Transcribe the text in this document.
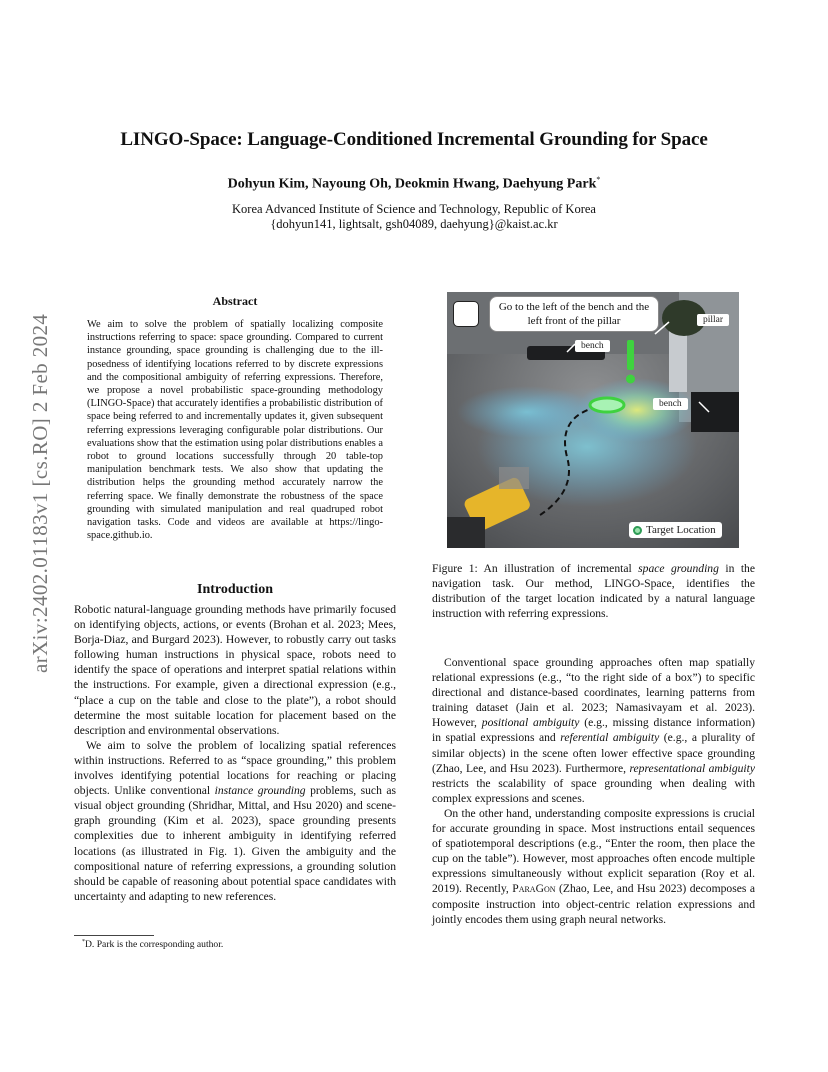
arXiv:2402.01183v1 [cs.RO] 2 Feb 2024
LINGO-Space: Language-Conditioned Incremental Grounding for Space
Dohyun Kim, Nayoung Oh, Deokmin Hwang, Daehyung Park*
Korea Advanced Institute of Science and Technology, Republic of Korea
{dohyun141, lightsalt, gsh04089, daehyung}@kaist.ac.kr
Abstract
We aim to solve the problem of spatially localizing composite instructions referring to space: space grounding. Compared to current instance grounding, space grounding is challenging due to the ill-posedness of identifying locations referred to by discrete expressions and the compositional ambiguity of referring expressions. Therefore, we propose a novel probabilistic space-grounding methodology (LINGO-Space) that accurately identifies a probabilistic distribution of space being referred to and incrementally updates it, given subsequent referring expressions leveraging configurable polar distributions. Our evaluations show that the estimation using polar distributions enables a robot to ground locations successfully through 20 table-top manipulation benchmark tests. We also show that updating the distribution helps the grounding method accurately narrow the referring space. We finally demonstrate the robustness of the space grounding with simulated manipulation and real quadruped robot navigation tasks. Code and videos are available at https://lingo-space.github.io.
Introduction

Robotic natural-language grounding methods have primarily focused on identifying objects, actions, or events (Brohan et al. 2023; Mees, Borja-Diaz, and Burgard 2023). However, to robustly carry out tasks following human instructions in physical space, robots need to identify the space of operations and interpret spatial relations within the instructions. For example, given a directional expression (e.g., “place a cup on the table and close to the plate”), a robot should determine the most suitable location for placement based on the description and environmental observations.

We aim to solve the problem of localizing spatial references within instructions. Referred to as “space grounding,” this problem involves identifying potential locations for reaching or placing objects. Unlike conventional instance grounding problems, such as visual object grounding (Shridhar, Mittal, and Hsu 2020) and scene-graph grounding (Kim et al. 2023), space grounding presents complexities due to inherent ambiguity in identifying referred locations (as illustrated in Fig. 1). Given the ambiguity and the compositional nature of referring expressions, a grounding solution should be capable of reasoning about potential space candidates with uncertainty and adapting to new references.

*D. Park is the corresponding author.
Go to the left of the bench and the left front of the pillar	pillar
bench
bench
Target Location
Figure 1: An illustration of incremental space grounding in the navigation task. Our method, LINGO-Space, identifies the distribution of the target location indicated by a natural language instruction with referring expressions.

Conventional space grounding approaches often map spatially relational expressions (e.g., “to the right side of a box”) to specific directional and distance-based coordinates, learning patterns from training dataset (Jain et al. 2023; Namasivayam et al. 2023). However, positional ambiguity (e.g., missing distance information) in spatial expressions and referential ambiguity (e.g., a plurality of similar objects) in the scene often lower effective space grounding (Zhao, Lee, and Hsu 2023). Furthermore, representational ambiguity restricts the scalability of space grounding when dealing with complex expressions and scenes.

On the other hand, understanding composite expressions is crucial for accurate grounding in space. Most instructions entail sequences of spatiotemporal descriptions (e.g., “Enter the room, then place the cup on the table”). However, most approaches often encode multiple expressions simultaneously without explicit separation (Roy et al. 2019). Recently, ParaGon (Zhao, Lee, and Hsu 2023) decomposes a composite instruction into object-centric relation expressions and jointly encodes them using graph neural networks.
